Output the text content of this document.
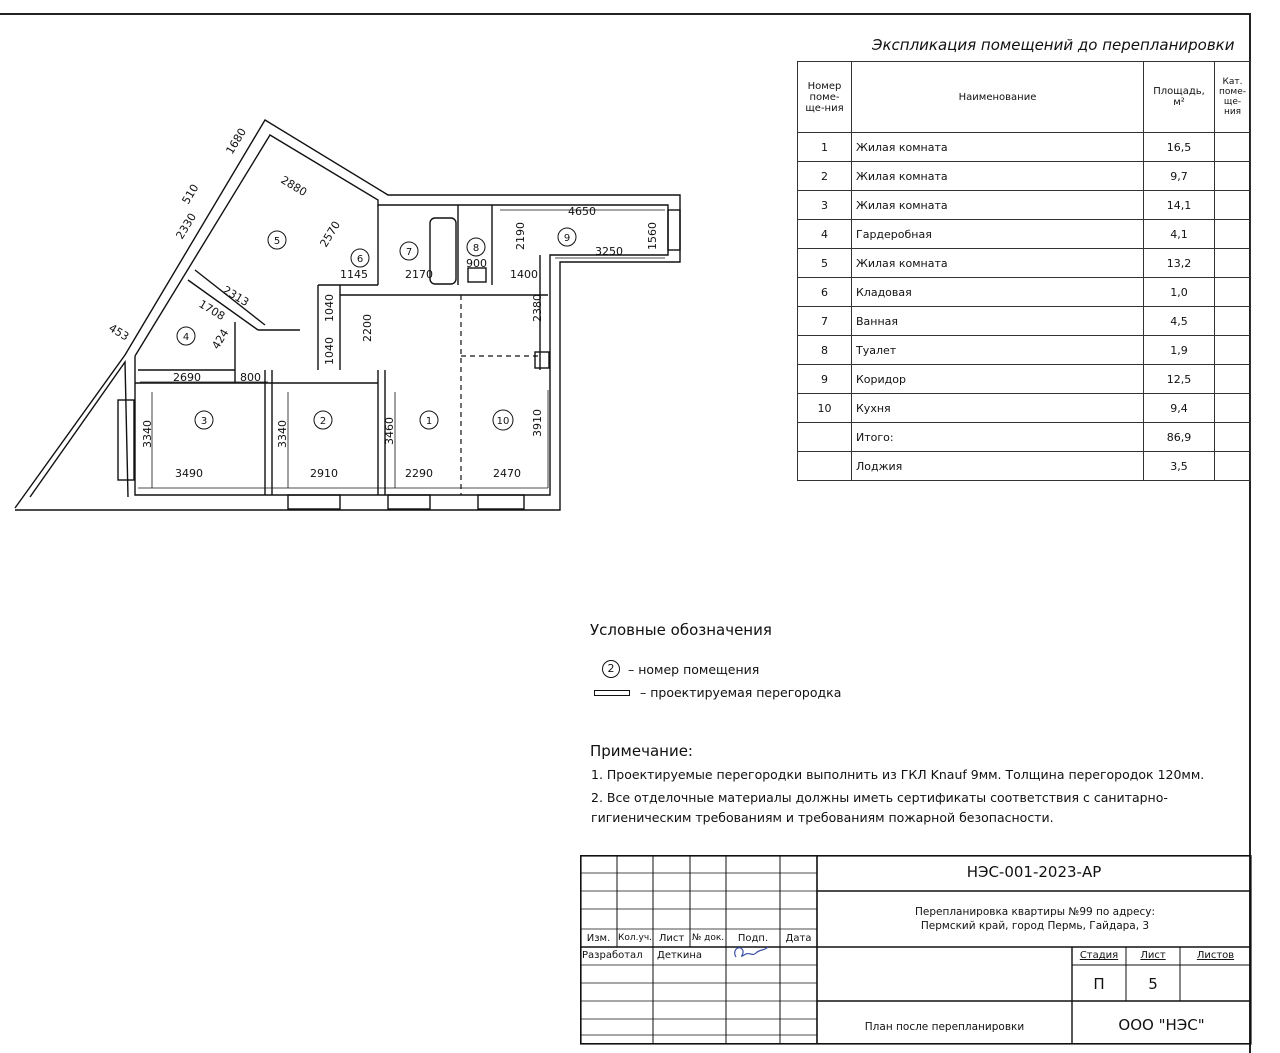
3490	2910	2290	2470
2690	800
4650
3250
1400
1145	2170
900
2190	1560
2380
1040
1040
2200
3340	3340	3460	3910
1680
2880
510
2330	2570
2313
1708
453	424
1
2
3
4
5
6
7	8
9
10
Экспликация помещений до перепланировки
Номер поме-ще-ния	Наименование	Площадь, м²	Кат. поме-ще-ния
1	Жилая комната	16,5	
2	Жилая комната	9,7	
3	Жилая комната	14,1	
4	Гардеробная	4,1	
5	Жилая комната	13,2	
6	Кладовая	1,0	
7	Ванная	4,5	
8	Туалет	1,9	
9	Коридор	12,5	
10	Кухня	9,4	
	Итого:	86,9	
	Лоджия	3,5	
Условные обозначения
2	– номер помещения
– проектируемая перегородка
Примечание:
1. Проектируемые перегородки выполнить из ГКЛ Knauf 9мм. Толщина перегородок 120мм.
2. Все отделочные материалы должны иметь сертификаты соответствия с санитарно-гигиеническим требованиям и требованиям пожарной безопасности.
НЭС-001-2023-АР
Перепланировка квартиры №99 по адресу: Пермский край, город Пермь, Гайдара, 3
Изм. Кол.уч. Лист № док.	Подп.	Дата
Разработал	Деткина	Стадия	Лист	Листов
П	5
План после перепланировки	ООО "НЭС"
